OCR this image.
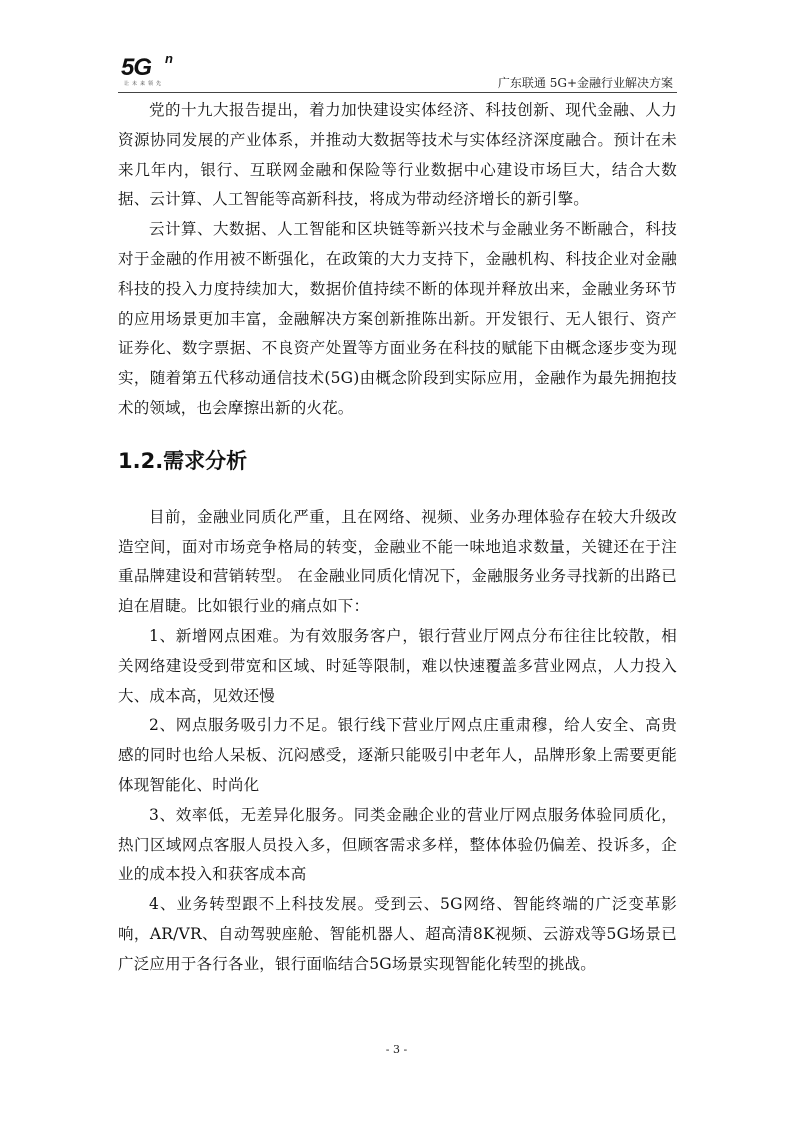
5G n
让未来领先	广东联通 5G+金融行业解决方案

党的十九大报告提出，着力加快建设实体经济、科技创新、现代金融、人力资源协同发展的产业体系，并推动大数据等技术与实体经济深度融合。预计在未来几年内，银行、互联网金融和保险等行业数据中心建设市场巨大，结合大数据、云计算、人工智能等高新科技，将成为带动经济增长的新引擎。

云计算、大数据、人工智能和区块链等新兴技术与金融业务不断融合，科技对于金融的作用被不断强化，在政策的大力支持下，金融机构、科技企业对金融科技的投入力度持续加大，数据价值持续不断的体现并释放出来，金融业务环节的应用场景更加丰富，金融解决方案创新推陈出新。开发银行、无人银行、资产证券化、数字票据、不良资产处置等方面业务在科技的赋能下由概念逐步变为现实，随着第五代移动通信技术(5G)由概念阶段到实际应用，金融作为最先拥抱技术的领域，也会摩擦出新的火花。

1.2.需求分析

目前，金融业同质化严重，且在网络、视频、业务办理体验存在较大升级改造空间，面对市场竞争格局的转变，金融业不能一味地追求数量，关键还在于注重品牌建设和营销转型。 在金融业同质化情况下，金融服务业务寻找新的出路已迫在眉睫。比如银行业的痛点如下：

1、新增网点困难。为有效服务客户，银行营业厅网点分布往往比较散，相关网络建设受到带宽和区域、时延等限制，难以快速覆盖多营业网点，人力投入大、成本高，见效还慢

2、网点服务吸引力不足。银行线下营业厅网点庄重肃穆，给人安全、高贵感的同时也给人呆板、沉闷感受，逐渐只能吸引中老年人，品牌形象上需要更能体现智能化、时尚化

3、效率低，无差异化服务。同类金融企业的营业厅网点服务体验同质化，热门区域网点客服人员投入多，但顾客需求多样，整体体验仍偏差、投诉多，企业的成本投入和获客成本高

4、业务转型跟不上科技发展。受到云、5G网络、智能终端的广泛变革影响，AR/VR、自动驾驶座舱、智能机器人、超高清8K视频、云游戏等5G场景已广泛应用于各行各业，银行面临结合5G场景实现智能化转型的挑战。

- 3 -
